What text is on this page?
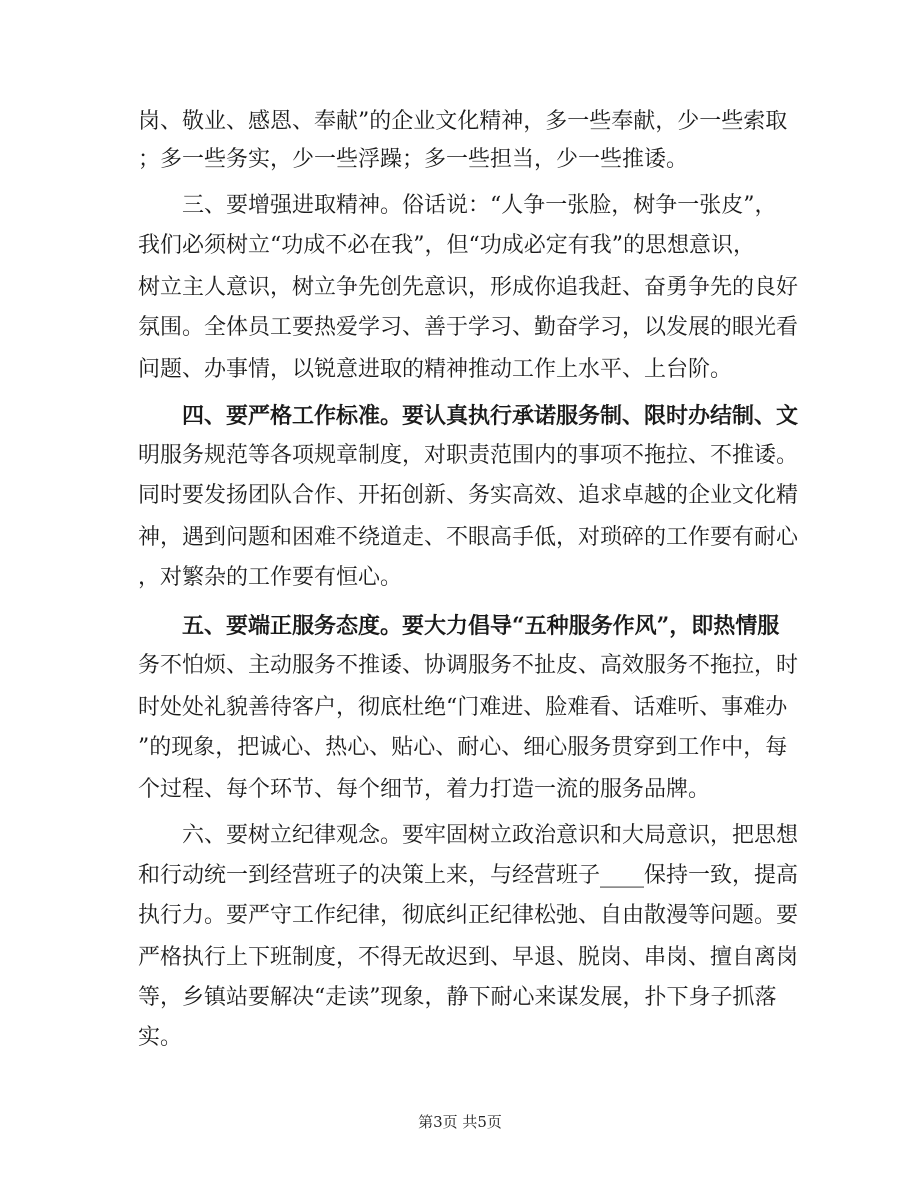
岗、敬业、感恩、奉献”的企业文化精神，多一些奉献，少一些索取
；多一些务实，少一些浮躁；多一些担当，少一些推诿。
三、要增强进取精神。俗话说：“人争一张脸，树争一张皮”，
我们必须树立“功成不必在我”，但“功成必定有我”的思想意识，
树立主人意识，树立争先创先意识，形成你追我赶、奋勇争先的良好
氛围。全体员工要热爱学习、善于学习、勤奋学习，以发展的眼光看
问题、办事情，以锐意进取的精神推动工作上水平、上台阶。
四、要严格工作标准。要认真执行承诺服务制、限时办结制、文
明服务规范等各项规章制度，对职责范围内的事项不拖拉、不推诿。
同时要发扬团队合作、开拓创新、务实高效、追求卓越的企业文化精
神，遇到问题和困难不绕道走、不眼高手低，对琐碎的工作要有耐心
，对繁杂的工作要有恒心。
五、要端正服务态度。要大力倡导“五种服务作风”，即热情服
务不怕烦、主动服务不推诿、协调服务不扯皮、高效服务不拖拉，时
时处处礼貌善待客户，彻底杜绝“门难进、脸难看、话难听、事难办
”的现象，把诚心、热心、贴心、耐心、细心服务贯穿到工作中，每
个过程、每个环节、每个细节，着力打造一流的服务品牌。
六、要树立纪律观念。要牢固树立政治意识和大局意识，把思想
和行动统一到经营班子的决策上来，与经营班子____保持一致，提高
执行力。要严守工作纪律，彻底纠正纪律松弛、自由散漫等问题。要
严格执行上下班制度，不得无故迟到、早退、脱岗、串岗、擅自离岗
等，乡镇站要解决“走读”现象，静下耐心来谋发展，扑下身子抓落
实。
第3页 共5页
